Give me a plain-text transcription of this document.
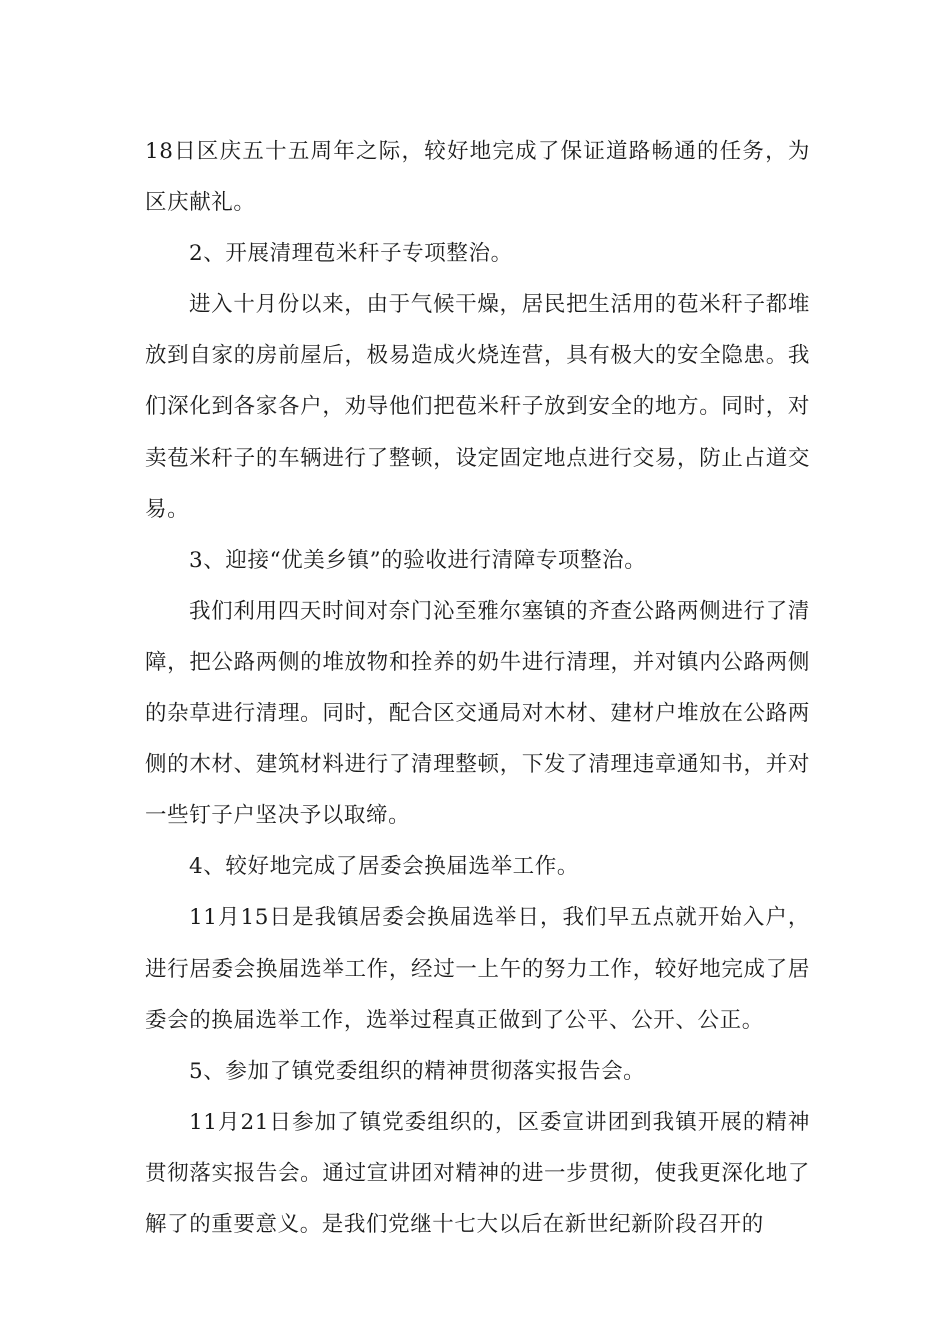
18日区庆五十五周年之际，较好地完成了保证道路畅通的任务，为区庆献礼。

2、开展清理苞米秆子专项整治。

进入十月份以来，由于气候干燥，居民把生活用的苞米秆子都堆放到自家的房前屋后，极易造成火烧连营，具有极大的安全隐患。我们深化到各家各户，劝导他们把苞米秆子放到安全的地方。同时，对卖苞米秆子的车辆进行了整顿，设定固定地点进行交易，防止占道交易。

3、迎接“优美乡镇”的验收进行清障专项整治。

我们利用四天时间对奈门沁至雅尔塞镇的齐查公路两侧进行了清障，把公路两侧的堆放物和拴养的奶牛进行清理，并对镇内公路两侧的杂草进行清理。同时，配合区交通局对木材、建材户堆放在公路两侧的木材、建筑材料进行了清理整顿，下发了清理违章通知书，并对一些钉子户坚决予以取缔。

4、较好地完成了居委会换届选举工作。

11月15日是我镇居委会换届选举日，我们早五点就开始入户，进行居委会换届选举工作，经过一上午的努力工作，较好地完成了居委会的换届选举工作，选举过程真正做到了公平、公开、公正。

5、参加了镇党委组织的精神贯彻落实报告会。

11月21日参加了镇党委组织的，区委宣讲团到我镇开展的精神贯彻落实报告会。通过宣讲团对精神的进一步贯彻，使我更深化地了解了的重要意义。是我们党继十七大以后在新世纪新阶段召开的
